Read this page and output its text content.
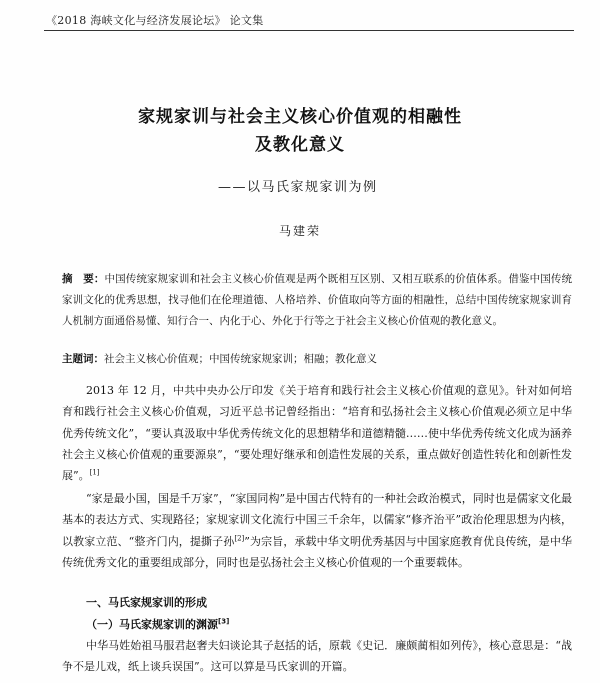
《2018 海峡文化与经济发展论坛》 论文集
家规家训与社会主义核心价值观的相融性
及教化意义
——以马氏家规家训为例
马建荣
摘　要：中国传统家规家训和社会主义核心价值观是两个既相互区别、又相互联系的价值体系。借鉴中国传统家训文化的优秀思想，找寻他们在伦理道德、人格培养、价值取向等方面的相融性，总结中国传统家规家训育人机制方面通俗易懂、知行合一、内化于心、外化于行等之于社会主义核心价值观的教化意义。
主题词：社会主义核心价值观；中国传统家规家训；相融；教化意义
2013 年 12 月，中共中央办公厅印发《关于培育和践行社会主义核心价值观的意见》。针对如何培育和践行社会主义核心价值观，习近平总书记曾经指出：“培育和弘扬社会主义核心价值观必须立足中华优秀传统文化”，“要认真汲取中华优秀传统文化的思想精华和道德精髓……使中华优秀传统文化成为涵养社会主义核心价值观的重要源泉”，“要处理好继承和创造性发展的关系，重点做好创造性转化和创新性发展”。[1]
“家是最小国，国是千万家”，“家国同构”是中国古代特有的一种社会政治模式，同时也是儒家文化最基本的表达方式、实现路径；家规家训文化流行中国三千余年，以儒家“修齐治平”政治伦理思想为内核，以教家立范、“整齐门内，提撕子孙[2]”为宗旨，承载中华文明优秀基因与中国家庭教育优良传统，是中华传统优秀文化的重要组成部分，同时也是弘扬社会主义核心价值观的一个重要载体。
一、马氏家规家训的形成
（一）马氏家规家训的渊源[3]
中华马姓始祖马服君赵奢夫妇谈论其子赵括的话，原载《史记．廉颇蔺相如列传》，核心意思是：“战争不是儿戏，纸上谈兵误国”。这可以算是马氏家训的开篇。
